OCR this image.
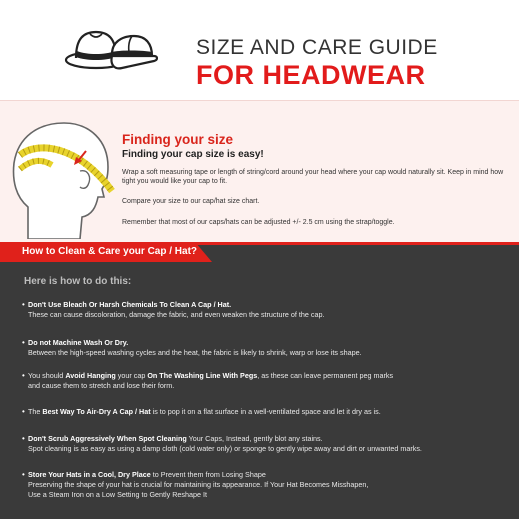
SIZE AND CARE GUIDE
FOR HEADWEAR
Finding your size
Finding your cap size is easy!
Wrap a soft measuring tape or length of string/cord around your head where your cap would naturally sit. Keep in mind how tight you would like your cap to fit.
Compare your size to our cap/hat size chart.
Remember that most of our caps/hats can be adjusted +/- 2.5 cm using the strap/toggle.
How to Clean & Care your Cap / Hat?
Here is how to do this:
• Don't Use Bleach Or Harsh Chemicals To Clean A Cap / Hat.
These can cause discoloration, damage the fabric, and even weaken the structure of the cap.
• Do not Machine Wash Or Dry.
Between the high-speed washing cycles and the heat, the fabric is likely to shrink, warp or lose its shape.
• You should Avoid Hanging your cap On The Washing Line With Pegs, as these can leave permanent peg marks
and cause them to stretch and lose their form.
• The Best Way To Air-Dry A Cap / Hat is to pop it on a flat surface in a well-ventilated space and let it dry as is.
• Don't Scrub Aggressively When Spot Cleaning Your Caps, Instead, gently blot any stains.
Spot cleaning is as easy as using a damp cloth (cold water only) or sponge to gently wipe away and dirt or unwanted marks.
• Store Your Hats in a Cool, Dry Place to Prevent them from Losing Shape
Preserving the shape of your hat is crucial for maintaining its appearance. If Your Hat Becomes Misshapen,
Use a Steam Iron on a Low Setting to Gently Reshape It
